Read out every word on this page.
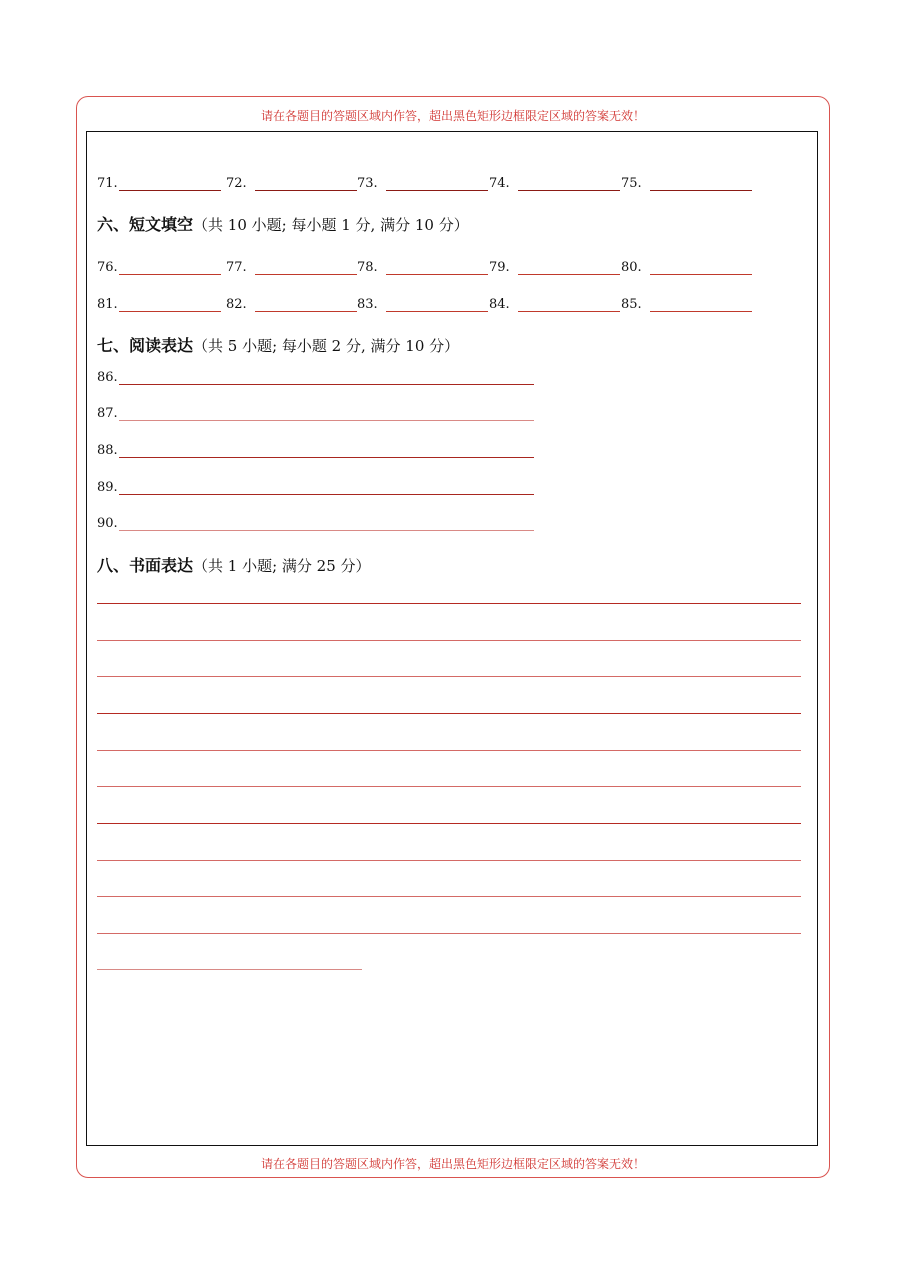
请在各题目的答题区域内作答，超出黑色矩形边框限定区域的答案无效！
71.	72.	73.	74.	75.
六、短文填空（共 10 小题; 每小题 1 分, 满分 10 分）
76.	77.	78.	79.	80.
81.	82.	83.	84.	85.
七、阅读表达（共 5 小题; 每小题 2 分, 满分 10 分）
86.
87.
88.
89.
90.
八、书面表达（共 1 小题; 满分 25 分）
请在各题目的答题区域内作答，超出黑色矩形边框限定区域的答案无效！
